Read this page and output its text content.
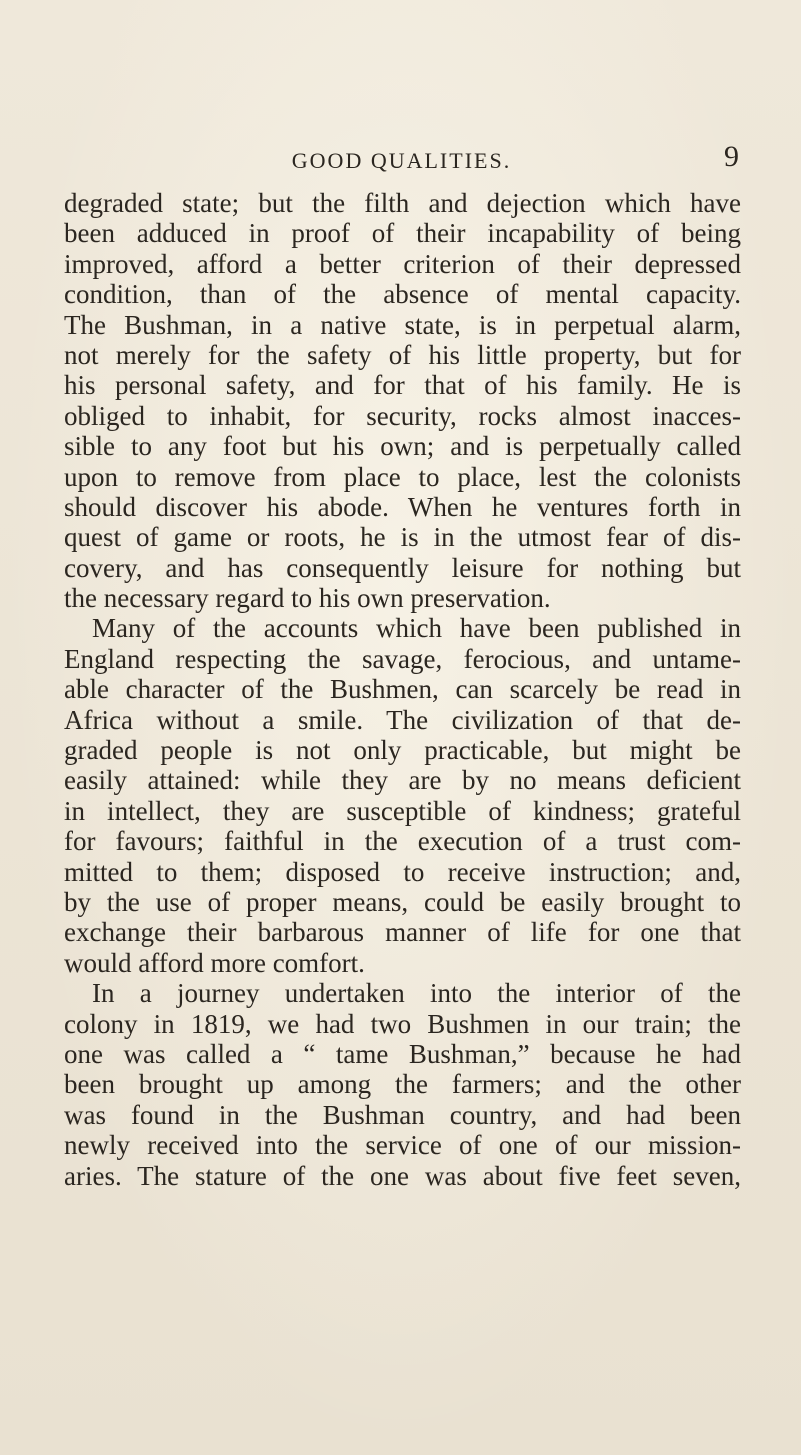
GOOD QUALITIES.	9
degraded state; but the filth and dejection which have
been adduced in proof of their incapability of being
improved, afford a better criterion of their depressed
condition, than of the absence of mental capacity.
The Bushman, in a native state, is in perpetual alarm,
not merely for the safety of his little property, but for
his personal safety, and for that of his family. He is
obliged to inhabit, for security, rocks almost inacces-
sible to any foot but his own; and is perpetually called
upon to remove from place to place, lest the colonists
should discover his abode. When he ventures forth in
quest of game or roots, he is in the utmost fear of dis-
covery, and has consequently leisure for nothing but
the necessary regard to his own preservation.
Many of the accounts which have been published in
England respecting the savage, ferocious, and untame-
able character of the Bushmen, can scarcely be read in
Africa without a smile. The civilization of that de-
graded people is not only practicable, but might be
easily attained: while they are by no means deficient
in intellect, they are susceptible of kindness; grateful
for favours; faithful in the execution of a trust com-
mitted to them; disposed to receive instruction; and,
by the use of proper means, could be easily brought to
exchange their barbarous manner of life for one that
would afford more comfort.
In a journey undertaken into the interior of the
colony in 1819, we had two Bushmen in our train; the
one was called a “ tame Bushman,” because he had
been brought up among the farmers; and the other
was found in the Bushman country, and had been
newly received into the service of one of our mission-
aries. The stature of the one was about five feet seven,
